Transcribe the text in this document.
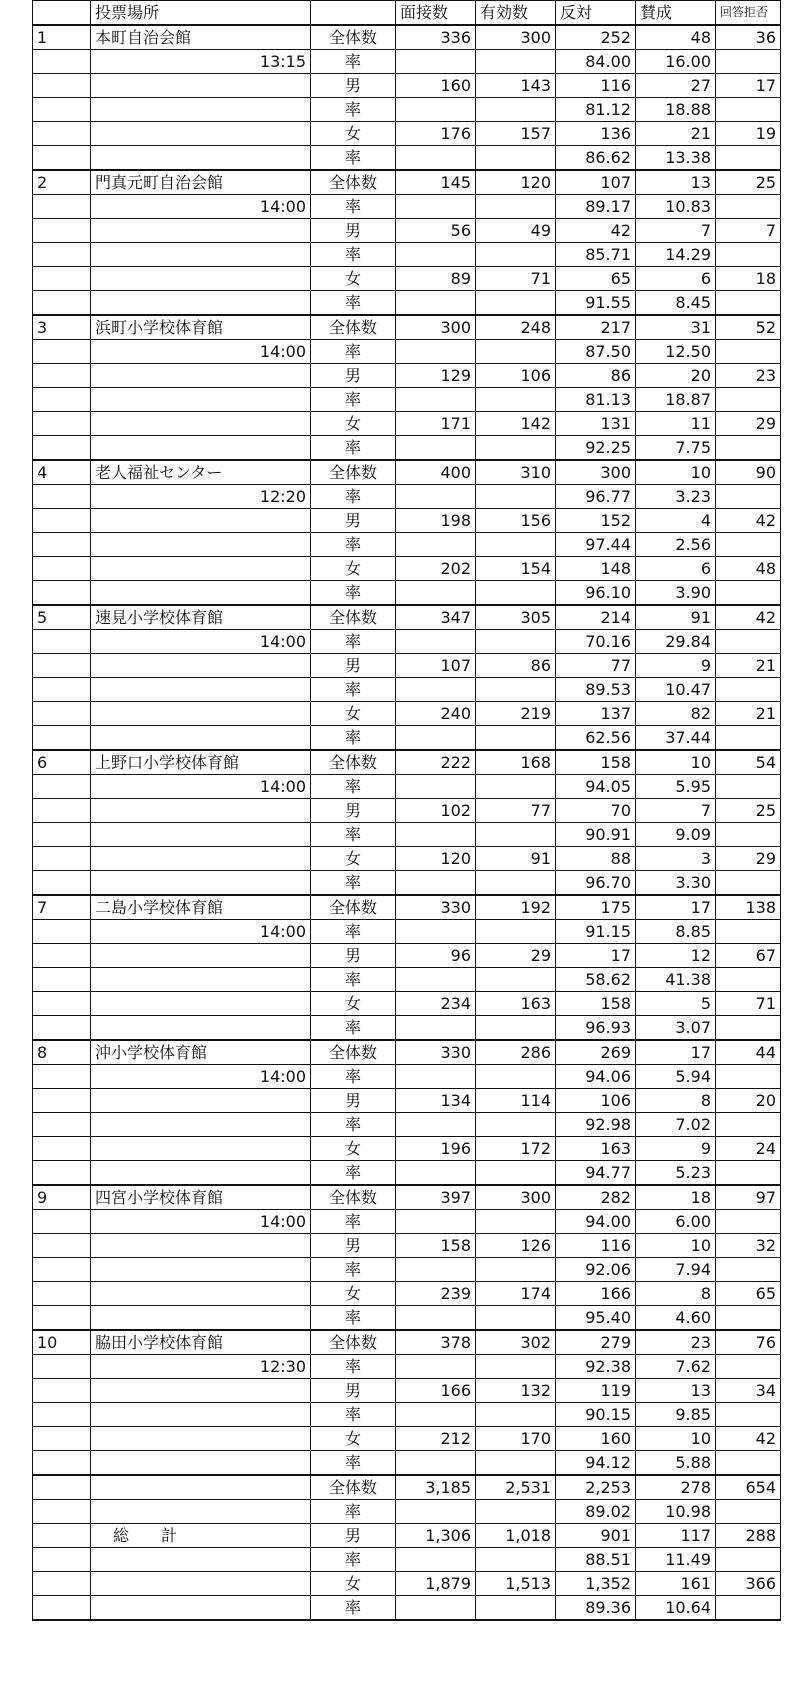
	投票場所		面接数	有効数	反対	賛成	回答拒否
1	本町自治会館	全体数	336	300	252	48	36
	13:15	率			84.00	16.00	
		男	160	143	116	27	17
		率			81.12	18.88	
		女	176	157	136	21	19
		率			86.62	13.38	
2	門真元町自治会館	全体数	145	120	107	13	25
	14:00	率			89.17	10.83	
		男	56	49	42	7	7
		率			85.71	14.29	
		女	89	71	65	6	18
		率			91.55	8.45	
3	浜町小学校体育館	全体数	300	248	217	31	52
	14:00	率			87.50	12.50	
		男	129	106	86	20	23
		率			81.13	18.87	
		女	171	142	131	11	29
		率			92.25	7.75	
4	老人福祉センター	全体数	400	310	300	10	90
	12:20	率			96.77	3.23	
		男	198	156	152	4	42
		率			97.44	2.56	
		女	202	154	148	6	48
		率			96.10	3.90	
5	速見小学校体育館	全体数	347	305	214	91	42
	14:00	率			70.16	29.84	
		男	107	86	77	9	21
		率			89.53	10.47	
		女	240	219	137	82	21
		率			62.56	37.44	
6	上野口小学校体育館	全体数	222	168	158	10	54
	14:00	率			94.05	5.95	
		男	102	77	70	7	25
		率			90.91	9.09	
		女	120	91	88	3	29
		率			96.70	3.30	
7	二島小学校体育館	全体数	330	192	175	17	138
	14:00	率			91.15	8.85	
		男	96	29	17	12	67
		率			58.62	41.38	
		女	234	163	158	5	71
		率			96.93	3.07	
8	沖小学校体育館	全体数	330	286	269	17	44
	14:00	率			94.06	5.94	
		男	134	114	106	8	20
		率			92.98	7.02	
		女	196	172	163	9	24
		率			94.77	5.23	
9	四宮小学校体育館	全体数	397	300	282	18	97
	14:00	率			94.00	6.00	
		男	158	126	116	10	32
		率			92.06	7.94	
		女	239	174	166	8	65
		率			95.40	4.60	
10	脇田小学校体育館	全体数	378	302	279	23	76
	12:30	率			92.38	7.62	
		男	166	132	119	13	34
		率			90.15	9.85	
		女	212	170	160	10	42
		率			94.12	5.88	
		全体数	3,185	2,531	2,253	278	654
		率			89.02	10.98	
	総　　計	男	1,306	1,018	901	117	288
		率			88.51	11.49	
		女	1,879	1,513	1,352	161	366
		率			89.36	10.64	
